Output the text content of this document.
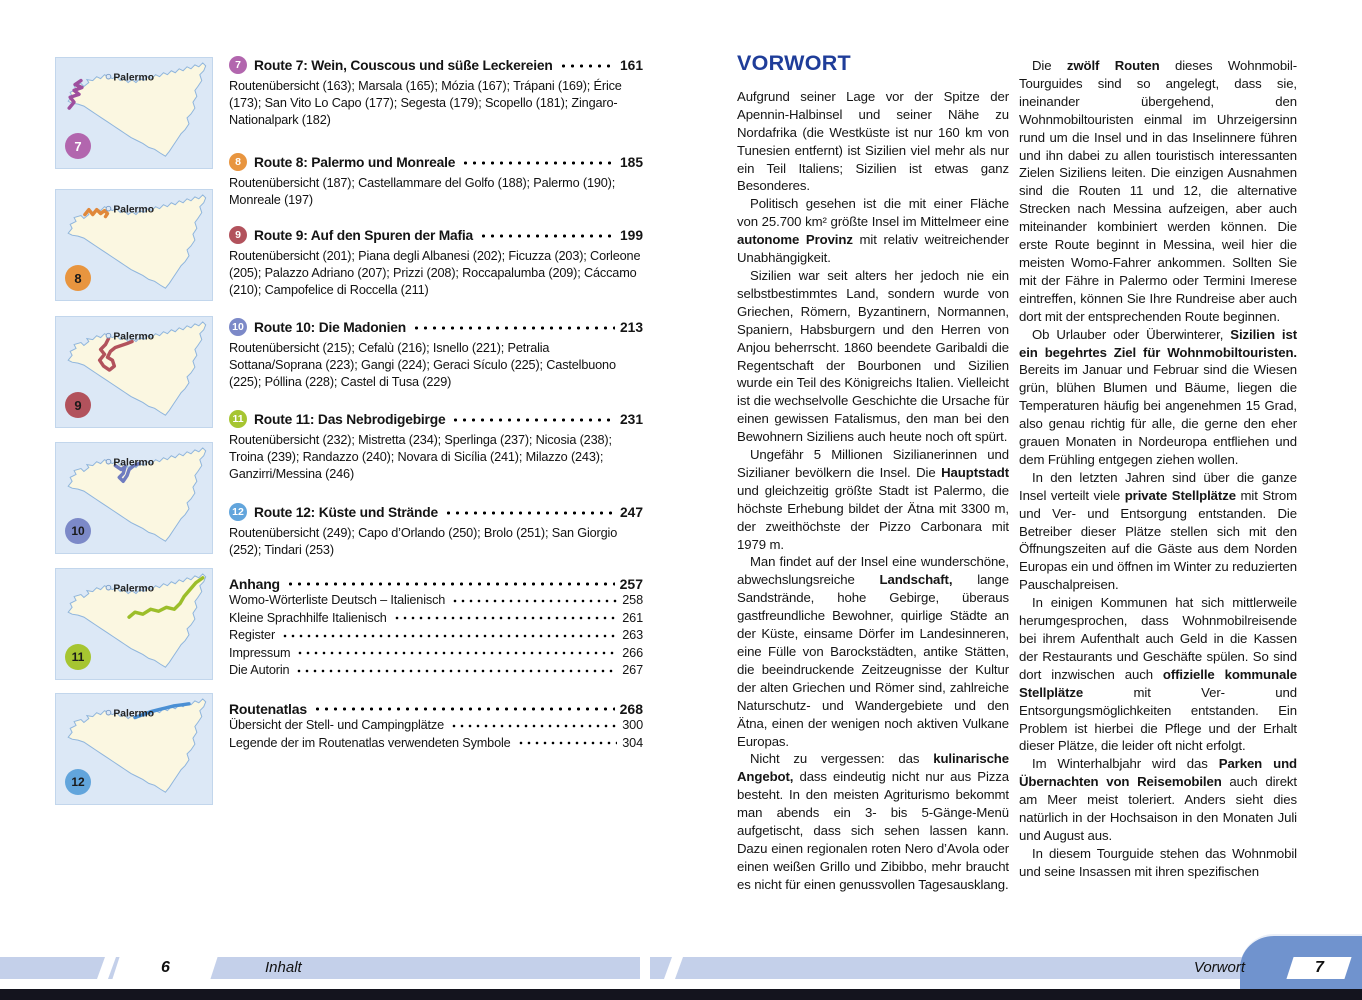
Palermo
7
Palermo
8
Palermo
9
Palermo
10
Palermo
11
Palermo
12
7 Route 7: Wein, Couscous und süße Leckereien	161

Routenübersicht (163); Marsala (165); Mózia (167); Trápani (169); Érice (173); San Vito Lo Capo (177); Segesta (179); Scopello (181); Zingaro-Nationalpark (182)

8 Route 8: Palermo und Monreale	185

Routenübersicht (187); Castellammare del Golfo (188); Palermo (190); Monreale (197)

9 Route 9: Auf den Spuren der Mafia	199

Routenübersicht (201); Piana degli Albanesi (202); Ficuzza (203); Corleone (205); Palazzo Adriano (207); Prizzi (208); Roccapalumba (209); Cáccamo (210); Campofelice di Roccella (211)

10 Route 10: Die Madonien	213

Routenübersicht (215); Cefalù (216); Isnello (221); Petralia Sottana/Soprana (223); Gangi (224); Geraci Sículo (225); Castelbuono (225); Póllina (228); Castel di Tusa (229)

11 Route 11: Das Nebrodigebirge	231

Routenübersicht (232); Mistretta (234); Sperlinga (237); Nicosia (238); Troina (239); Randazzo (240); Novara di Sicília (241); Milazzo (243); Ganzirri/Messina (246)

12 Route 12: Küste und Strände	247

Routenübersicht (249); Capo d’Orlando (250); Brolo (251); San Giorgio (252); Tindari (253)

Anhang	257
Womo-Wörterliste Deutsch – Italienisch	258
Kleine Sprachhilfe Italienisch	261
Register	263
Impressum	266
Die Autorin	267
Routenatlas	268
Übersicht der Stell- und Campingplätze	300
Legende der im Routenatlas verwendeten Symbole	304
VORWORT

Aufgrund seiner Lage vor der Spitze der Apennin-Halbinsel und seiner Nähe zu Nordafrika (die Westküste ist nur 160 km von Tunesien entfernt) ist Sizilien viel mehr als nur ein Teil Italiens; Sizilien ist etwas ganz Besonderes.

Politisch gesehen ist die mit einer Fläche von 25.700 km² größte Insel im Mittelmeer eine autonome Provinz mit relativ weitreichender Unabhängigkeit.

Sizilien war seit alters her jedoch nie ein selbstbestimmtes Land, sondern wurde von Griechen, Römern, Byzantinern, Normannen, Spaniern, Habsburgern und den Herren von Anjou beherrscht. 1860 beendete Garibaldi die Regentschaft der Bourbonen und Sizilien wurde ein Teil des Königreichs Italien. Vielleicht ist die wechselvolle Geschichte die Ursache für einen gewissen Fatalismus, den man bei den Bewohnern Siziliens auch heute noch oft spürt.

Ungefähr 5 Millionen Sizilianerinnen und Sizilianer bevölkern die Insel. Die Hauptstadt und gleichzeitig größte Stadt ist Palermo, die höchste Erhebung bildet der Ätna mit 3300 m, der zweithöchste der Pizzo Carbonara mit 1979 m.

Man findet auf der Insel eine wunderschöne, abwechslungsreiche Landschaft, lange Sandstrände, hohe Gebirge, überaus gastfreundliche Bewohner, quirlige Städte an der Küste, einsame Dörfer im Landesinneren, eine Fülle von Barockstädten, antike Stätten, die beeindruckende Zeitzeugnisse der Kultur der alten Griechen und Römer sind, zahlreiche Naturschutz- und Wandergebiete und den Ätna, einen der wenigen noch aktiven Vulkane Europas.

Nicht zu vergessen: das kulinarische Angebot, dass eindeutig nicht nur aus Pizza besteht. In den meisten Agriturismo bekommt man abends ein 3- bis 5-Gänge-Menü aufgetischt, dass sich sehen lassen kann. Dazu einen regionalen roten Nero d’Avola oder einen weißen Grillo und Zibibbo, mehr braucht es nicht für einen genussvollen Tagesausklang.

Die zwölf Routen dieses Wohnmobil-Tourguides sind so angelegt, dass sie, ineinander übergehend, den Wohnmobiltouristen einmal im Uhrzeigersinn rund um die Insel und in das Inselinnere führen und ihn dabei zu allen touristisch interessanten Zielen Siziliens leiten. Die einzigen Ausnahmen sind die Routen 11 und 12, die alternative Strecken nach Messina aufzeigen, aber auch miteinander kombiniert werden können. Die erste Route beginnt in Messina, weil hier die meisten Womo-Fahrer ankommen. Sollten Sie mit der Fähre in Palermo oder Termini Imerese eintreffen, können Sie Ihre Rundreise aber auch dort mit der entsprechenden Route beginnen.

Ob Urlauber oder Überwinterer, Sizilien ist ein begehrtes Ziel für Wohnmobiltouristen. Bereits im Januar und Februar sind die Wiesen grün, blühen Blumen und Bäume, liegen die Temperaturen häufig bei angenehmen 15 Grad, also genau richtig für alle, die gerne den eher grauen Monaten in Nordeuropa entfliehen und dem Frühling entgegen ziehen wollen.

In den letzten Jahren sind über die ganze Insel verteilt viele private Stellplätze mit Strom und Ver- und Entsorgung entstanden. Die Betreiber dieser Plätze stellen sich mit den Öffnungszeiten auf die Gäste aus dem Norden Europas ein und öffnen im Winter zu reduzierten Pauschalpreisen.

In einigen Kommunen hat sich mittlerweile herumgesprochen, dass Wohnmobilreisende bei ihrem Aufenthalt auch Geld in die Kassen der Restaurants und Geschäfte spülen. So sind dort inzwischen auch offizielle kommunale Stellplätze mit Ver- und Entsorgungsmöglichkeiten entstanden. Ein Problem ist hierbei die Pflege und der Erhalt dieser Plätze, die leider oft nicht erfolgt.

Im Winterhalbjahr wird das Parken und Übernachten von Reisemobilen auch direkt am Meer meist toleriert. Anders sieht dies natürlich in der Hochsaison in den Monaten Juli und August aus.

In diesem Tourguide stehen das Wohnmobil und seine Insassen mit ihren spezifischen

6	Inhalt	Vorwort	7
